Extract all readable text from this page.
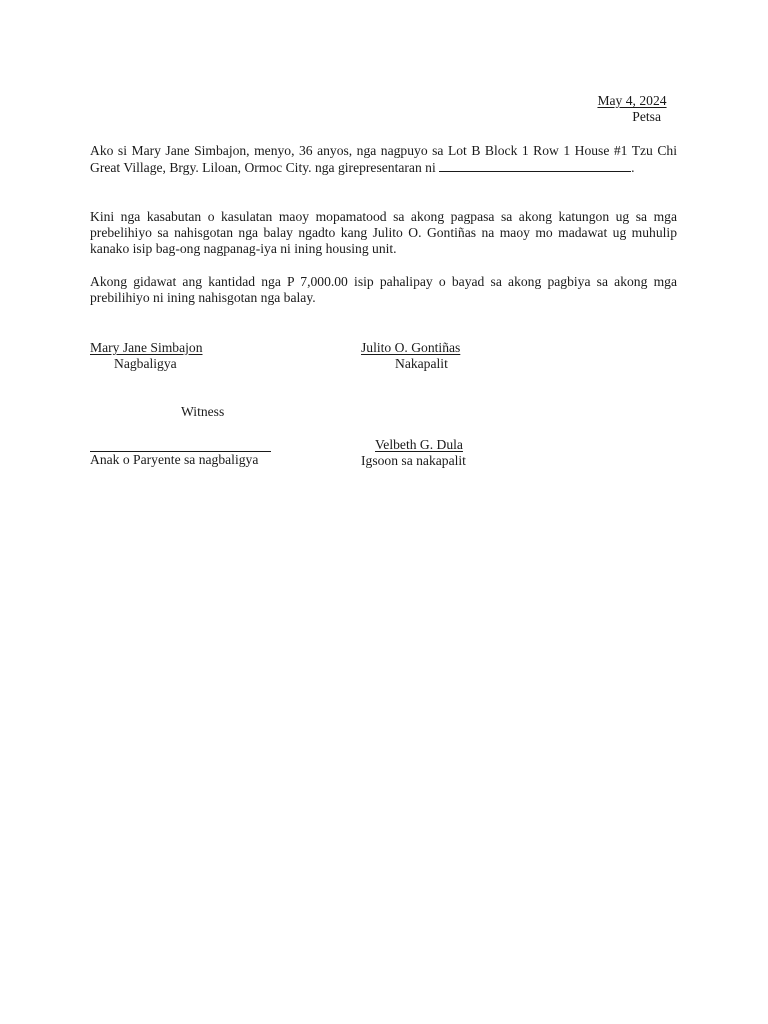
May 4, 2024
Petsa

Ako si Mary Jane Simbajon, menyo, 36 anyos, nga nagpuyo sa Lot B Block 1 Row 1 House #1 Tzu Chi Great Village, Brgy. Liloan, Ormoc City. nga girepresentaran ni	.

Kini nga kasabutan o kasulatan maoy mopamatood sa akong pagpasa sa akong katungon ug sa mga prebelihiyo sa nahisgotan nga balay ngadto kang Julito O. Gontiñas na maoy mo madawat ug muhulip kanako isip bag-ong nagpanag-iya ni ining housing unit.

Akong gidawat ang kantidad nga P 7,000.00 isip pahalipay o bayad sa akong pagbiya sa akong mga prebilihiyo ni ining nahisgotan nga balay.

Mary Jane Simbajon
Nagbaligya
Julito O. Gontiñas
Nakapalit
Witness
Anak o Paryente sa nagbaligya
Velbeth G. Dula
Igsoon sa nakapalit
